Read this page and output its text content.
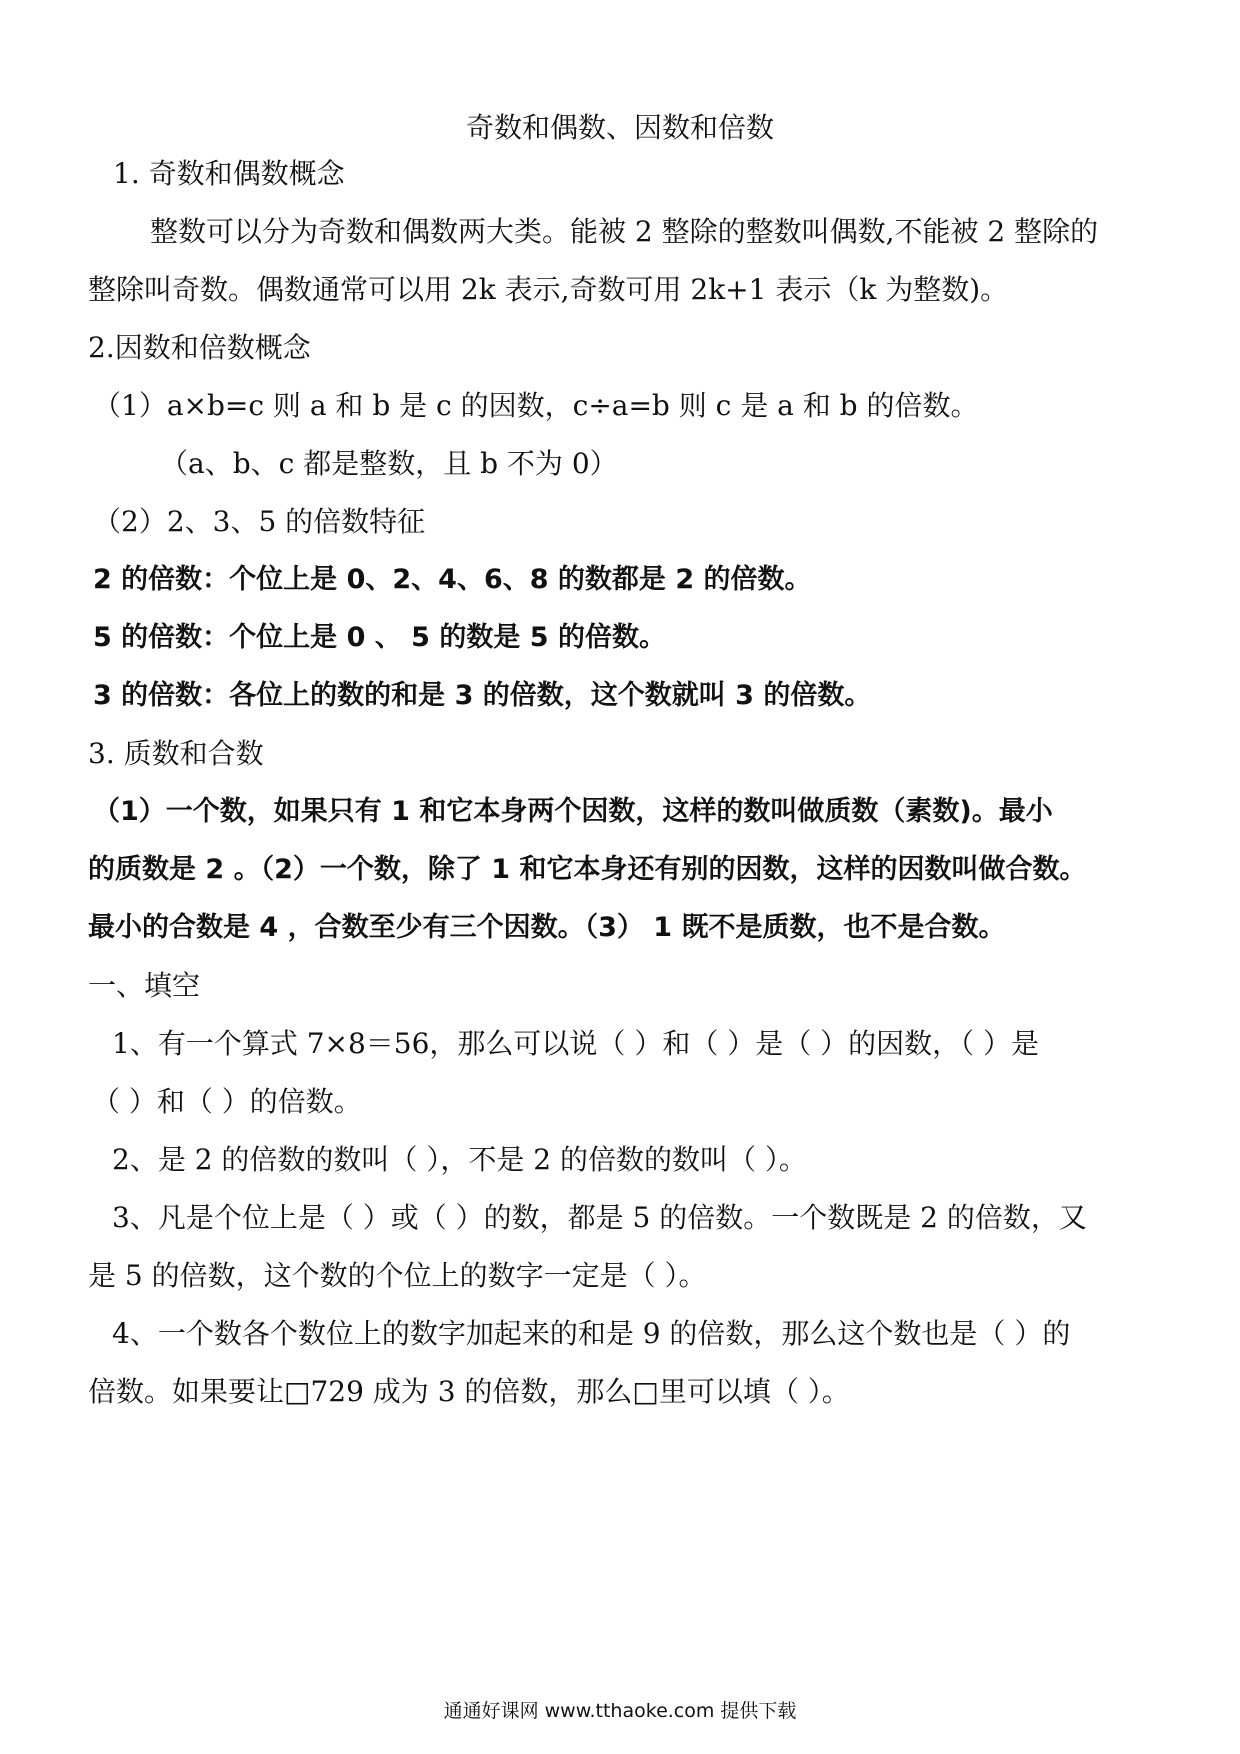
奇数和偶数、因数和倍数
1. 奇数和偶数概念
整数可以分为奇数和偶数两大类。能被 2 整除的整数叫偶数,不能被 2 整除的
整除叫奇数。偶数通常可以用 2k 表示,奇数可用 2k+1 表示（k 为整数)。
2.因数和倍数概念
（1）a×b=c 则 a 和 b 是 c 的因数，c÷a=b 则 c 是 a 和 b 的倍数。
（a、b、c 都是整数，且 b 不为 0）
（2）2、3、5 的倍数特征
2 的倍数：个位上是 0、2、4、6、8 的数都是 2 的倍数。
5 的倍数：个位上是 0 、 5 的数是 5 的倍数。
3 的倍数：各位上的数的和是 3 的倍数，这个数就叫 3 的倍数。
3. 质数和合数
（1）一个数，如果只有 1 和它本身两个因数，这样的数叫做质数（素数)。最小
的质数是 2 。（2）一个数，除了 1 和它本身还有别的因数，这样的因数叫做合数。
最小的合数是 4 ，合数至少有三个因数。（3） 1 既不是质数，也不是合数。
一、填空
1、有一个算式 7×8＝56，那么可以说（ ）和（ ）是（ ）的因数，（ ）是
（ ）和（ ）的倍数。
2、是 2 的倍数的数叫（ ），不是 2 的倍数的数叫（ ）。
3、凡是个位上是（ ）或（ ）的数，都是 5 的倍数。一个数既是 2 的倍数，又
是 5 的倍数，这个数的个位上的数字一定是（ ）。
4、一个数各个数位上的数字加起来的和是 9 的倍数，那么这个数也是（ ）的
倍数。如果要让□729 成为 3 的倍数，那么□里可以填（ ）。
通通好课网 www.tthaoke.com 提供下载
